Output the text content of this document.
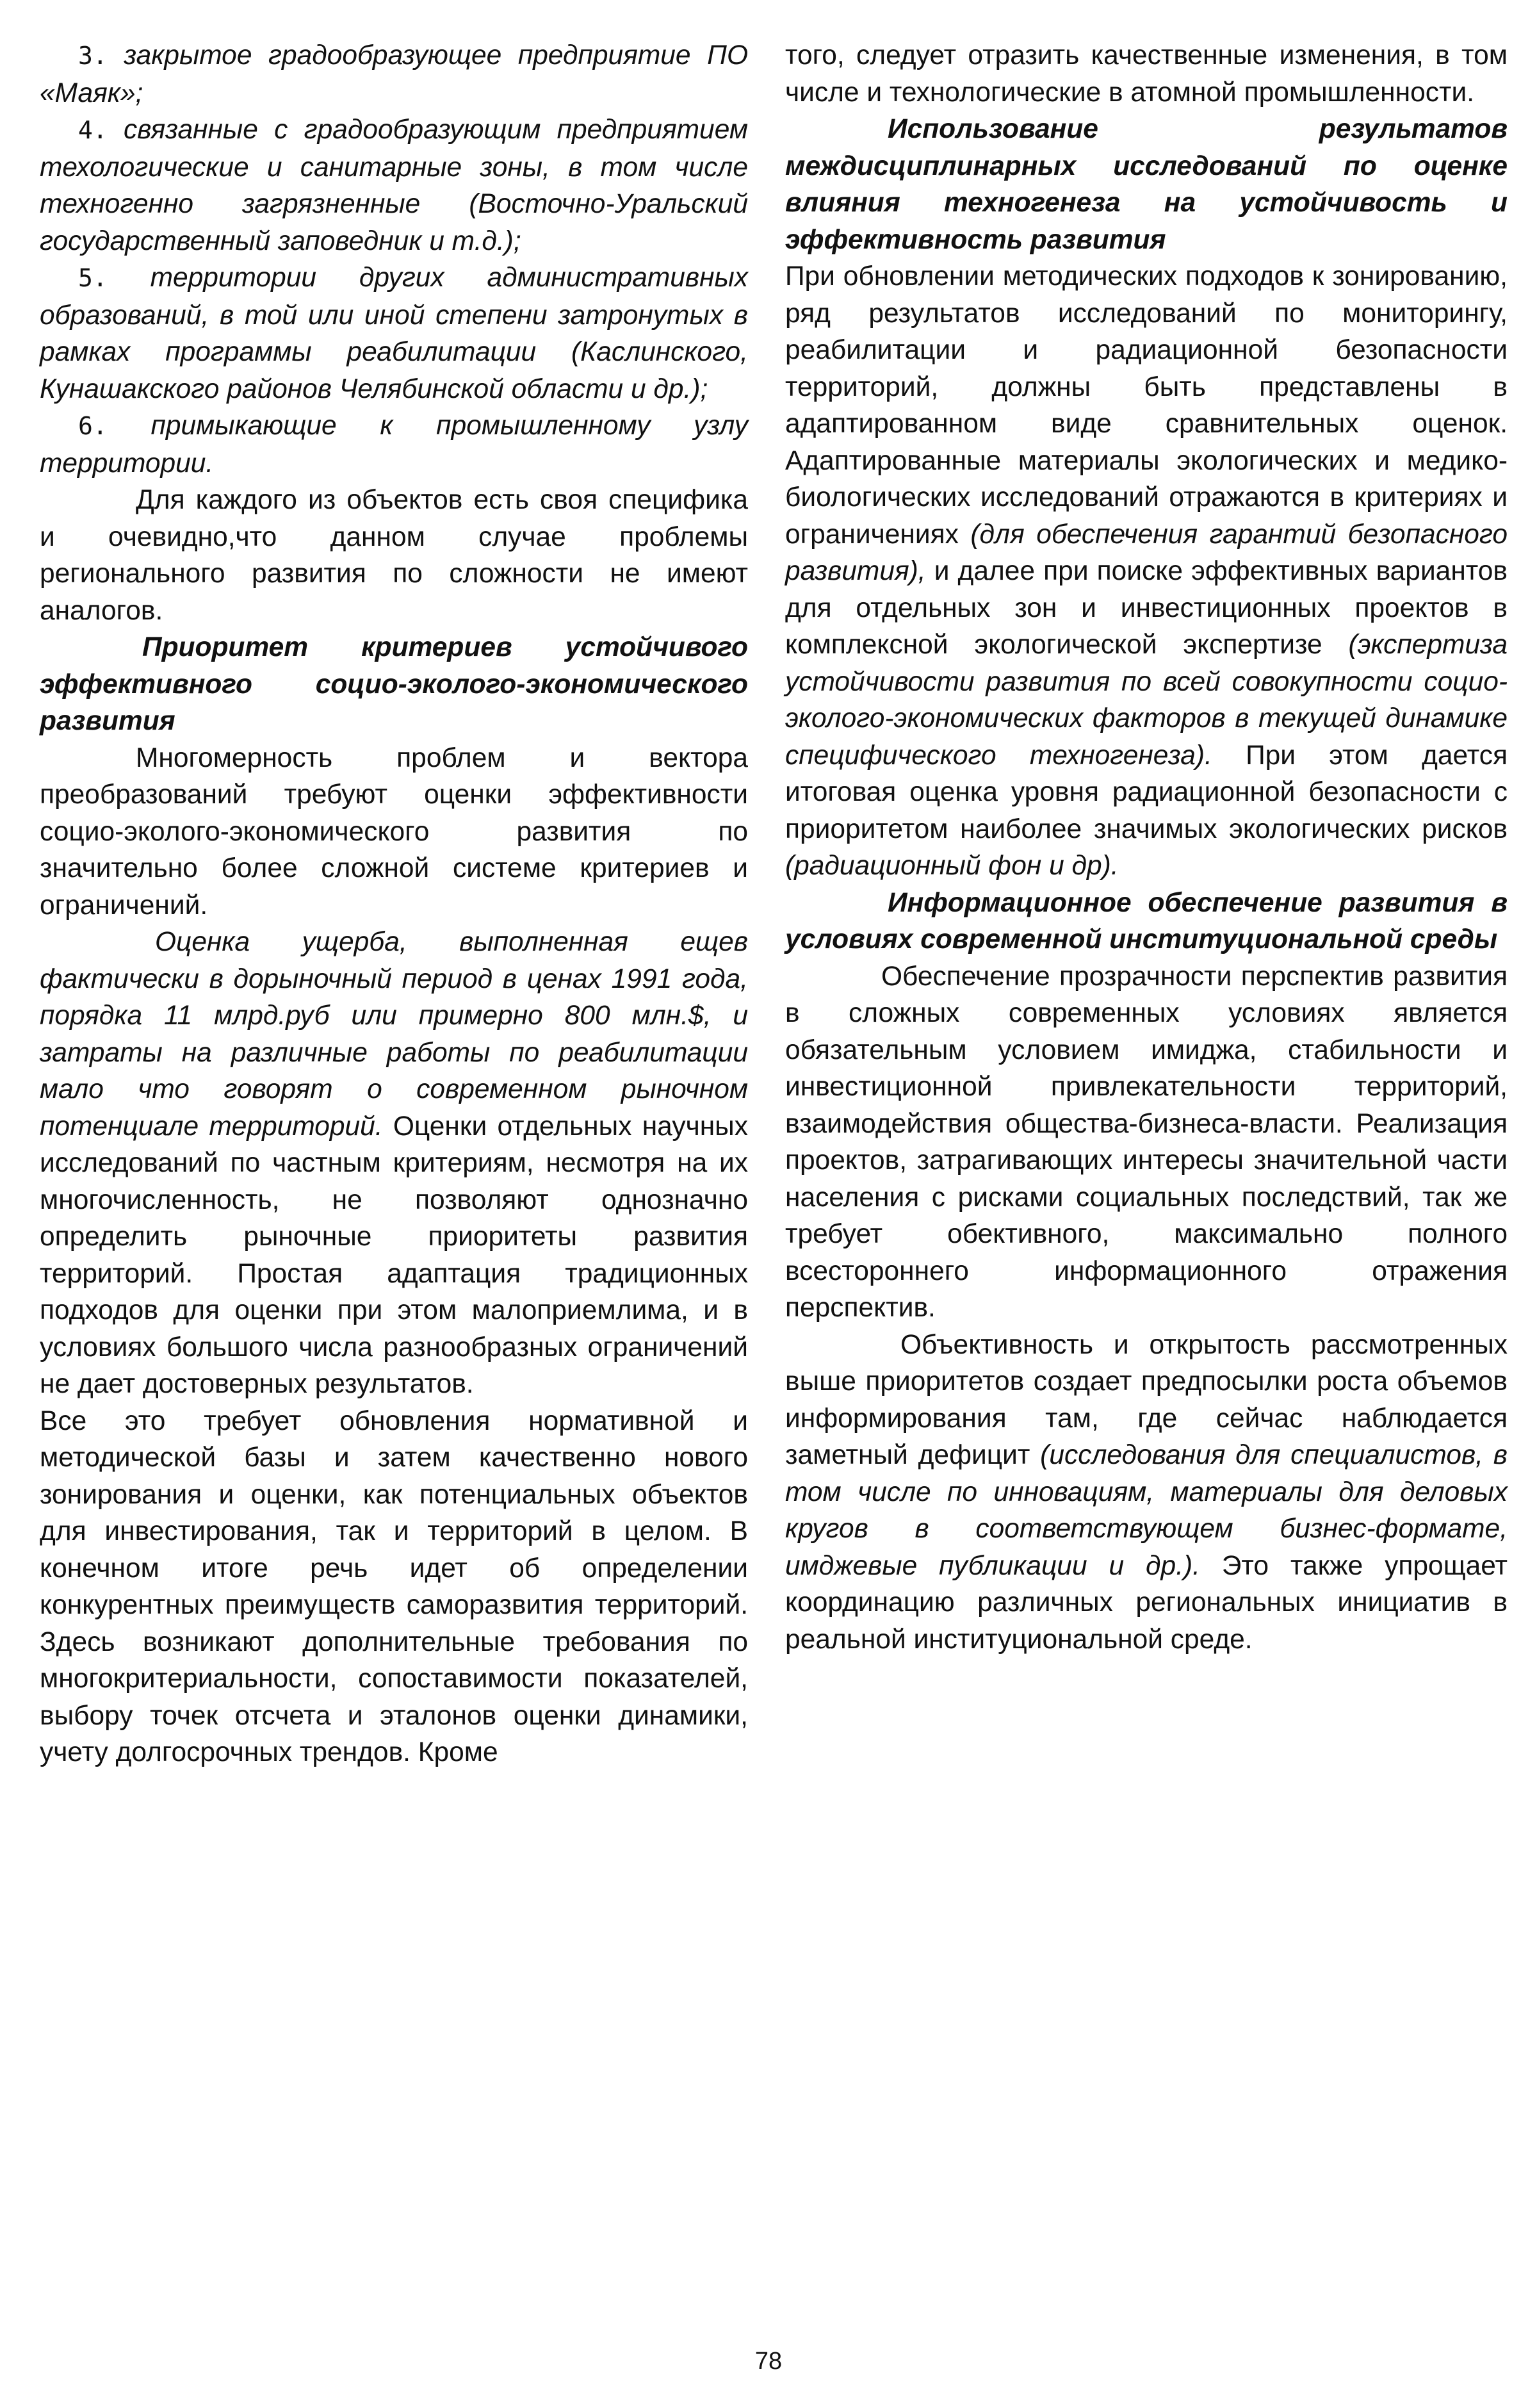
3. закрытое градообразующее предприятие ПО «Маяк»;

4. связанные с градообразующим предприятием техологические и санитарные зоны, в том числе техногенно загрязненные (Восточно-Уральский государственный заповедник и т.д.);

5. территории других административных образований, в той или иной степени затронутых в рамках программы реабилитации (Каслинского, Кунашакского районов Челябинской области и др.);

6. примыкающие к промышленному узлу территории.

Для каждого из объектов есть своя специфика и очевидно,что данном случае проблемы регионального развития по сложности не имеют аналогов.

Приоритет критериев устойчивого эффективного социо-эколого-экономического развития

Многомерность проблем и вектора преобразований требуют оценки эффективности социо-эколого-экономического развития по значительно более сложной системе критериев и ограничений.

Оценка ущерба, выполненная ещев фактически в дорыночный период в ценах 1991 года, порядка 11 млрд.руб или примерно 800 млн.$, и затраты на различные работы по реабилитации мало что говорят о современном рыночном потенциале территорий. Оценки отдельных научных исследований по частным критериям, несмотря на их многочисленность, не позволяют однозначно определить рыночные приоритеты развития территорий. Простая адаптация традиционных подходов для оценки при этом малоприемлима, и в условиях большого числа разнообразных ограничений не дает достоверных результатов.

Все это требует обновления нормативной и методической базы и затем качественно нового зонирования и оценки, как потенциальных объектов для инвестирования, так и территорий в целом. В конечном итоге речь идет об определении конкурентных преимуществ саморазвития территорий. Здесь возникают дополнительные требования по многокритериальности, сопоставимости показателей, выбору точек отсчета и эталонов оценки динамики, учету долгосрочных трендов. Кроме

того, следует отразить качественные изменения, в том числе и технологические в атомной промышленности.

Использование результатов междисциплинарных исследований по оценке влияния техногенеза на устойчивость и эффективность развития

При обновлении методических подходов к зонированию, ряд результатов исследований по мониторингу, реабилитации и радиационной безопасности территорий, должны быть представлены в адаптированном виде сравнительных оценок. Адаптированные материалы экологических и медико-биологических исследований отражаются в критериях и ограничениях (для обеспечения гарантий безопасного развития), и далее при поиске эффективных вариантов для отдельных зон и инвестиционных проектов в комплексной экологической экспертизе (экспертиза устойчивости развития по всей совокупности социо-эколого-экономических факторов в текущей динамике специфического техногенеза). При этом дается итоговая оценка уровня радиационной безопасности с приоритетом наиболее значимых экологических рисков (радиационный фон и др).

Информационное обеспечение развития в условиях современной институциональной среды

Обеспечение прозрачности перспектив развития в сложных современных условиях является обязательным условием имиджа, стабильности и инвестиционной привлекательности территорий, взаимодействия общества-бизнеса-власти. Реализация проектов, затрагивающих интересы значительной части населения с рисками социальных последствий, так же требует обективного, максимально полного всестороннего информационного отражения перспектив.

Объективность и открытость рассмотренных выше приоритетов создает предпосылки роста объемов информирования там, где сейчас наблюдается заметный дефицит (исследования для специалистов, в том числе по инновациям, материалы для деловых кругов в соответствующем бизнес-формате, имджевые публикации и др.). Это также упрощает координацию различных региональных инициатив в реальной институциональной среде.

78
